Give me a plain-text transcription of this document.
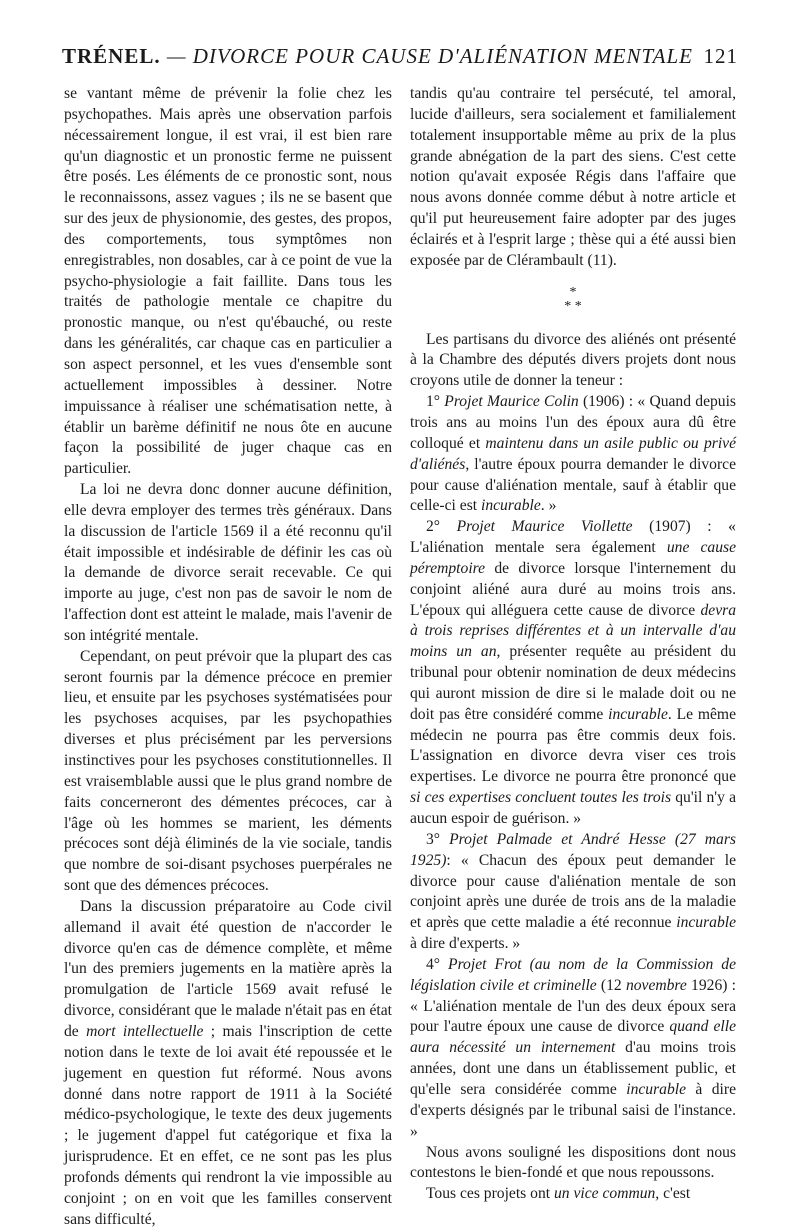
TRÉNEL. — DIVORCE POUR CAUSE D'ALIÉNATION MENTALE 121

se vantant même de prévenir la folie chez les psychopathes. Mais après une observation parfois nécessairement longue, il est vrai, il est bien rare qu'un diagnostic et un pronostic ferme ne puissent être posés. Les éléments de ce pronostic sont, nous le reconnaissons, assez vagues ; ils ne se basent que sur des jeux de physionomie, des gestes, des propos, des comportements, tous symptômes non enregistrables, non dosables, car à ce point de vue la psycho-physiologie a fait faillite. Dans tous les traités de pathologie mentale ce chapitre du pronostic manque, ou n'est qu'ébauché, ou reste dans les généralités, car chaque cas en particulier a son aspect personnel, et les vues d'ensemble sont actuellement impossibles à dessiner. Notre impuissance à réaliser une schématisation nette, à établir un barème définitif ne nous ôte en aucune façon la possibilité de juger chaque cas en particulier.

La loi ne devra donc donner aucune définition, elle devra employer des termes très généraux. Dans la discussion de l'article 1569 il a été reconnu qu'il était impossible et indésirable de définir les cas où la demande de divorce serait recevable. Ce qui importe au juge, c'est non pas de savoir le nom de l'affection dont est atteint le malade, mais l'avenir de son intégrité mentale.

Cependant, on peut prévoir que la plupart des cas seront fournis par la démence précoce en premier lieu, et ensuite par les psychoses systématisées pour les psychoses acquises, par les psychopathies diverses et plus précisément par les perversions instinctives pour les psychoses constitutionnelles. Il est vraisemblable aussi que le plus grand nombre de faits concerneront des démentes précoces, car à l'âge où les hommes se marient, les déments précoces sont déjà éliminés de la vie sociale, tandis que nombre de soi-disant psychoses puerpérales ne sont que des démences précoces.

Dans la discussion préparatoire au Code civil allemand il avait été question de n'accorder le divorce qu'en cas de démence complète, et même l'un des premiers jugements en la matière après la promulgation de l'article 1569 avait refusé le divorce, considérant que le malade n'était pas en état de mort intellectuelle ; mais l'inscription de cette notion dans le texte de loi avait été repoussée et le jugement en question fut réformé. Nous avons donné dans notre rapport de 1911 à la Société médico-psychologique, le texte des deux jugements ; le jugement d'appel fut catégorique et fixa la jurisprudence. Et en effet, ce ne sont pas les plus profonds déments qui rendront la vie impossible au conjoint ; on en voit que les familles conservent sans difficulté,

tandis qu'au contraire tel persécuté, tel amoral, lucide d'ailleurs, sera socialement et familialement totalement insupportable même au prix de la plus grande abnégation de la part des siens. C'est cette notion qu'avait exposée Régis dans l'affaire que nous avons donnée comme début à notre article et qu'il put heureusement faire adopter par des juges éclairés et à l'esprit large ; thèse qui a été aussi bien exposée par de Clérambault (11).

*
* *

Les partisans du divorce des aliénés ont présenté à la Chambre des députés divers projets dont nous croyons utile de donner la teneur :

1° Projet Maurice Colin (1906) : « Quand depuis trois ans au moins l'un des époux aura dû être colloqué et maintenu dans un asile public ou privé d'aliénés, l'autre époux pourra demander le divorce pour cause d'aliénation mentale, sauf à établir que celle-ci est incurable. »

2° Projet Maurice Viollette (1907) : « L'aliénation mentale sera également une cause péremptoire de divorce lorsque l'internement du conjoint aliéné aura duré au moins trois ans. L'époux qui alléguera cette cause de divorce devra à trois reprises différentes et à un intervalle d'au moins un an, présenter requête au président du tribunal pour obtenir nomination de deux médecins qui auront mission de dire si le malade doit ou ne doit pas être considéré comme incurable. Le même médecin ne pourra pas être commis deux fois. L'assignation en divorce devra viser ces trois expertises. Le divorce ne pourra être prononcé que si ces expertises concluent toutes les trois qu'il n'y a aucun espoir de guérison. »

3° Projet Palmade et André Hesse (27 mars 1925): « Chacun des époux peut demander le divorce pour cause d'aliénation mentale de son conjoint après une durée de trois ans de la maladie et après que cette maladie a été reconnue incurable à dire d'experts. »

4° Projet Frot (au nom de la Commission de législation civile et criminelle (12 novembre 1926) : « L'aliénation mentale de l'un des deux époux sera pour l'autre époux une cause de divorce quand elle aura nécessité un internement d'au moins trois années, dont une dans un établissement public, et qu'elle sera considérée comme incurable à dire d'experts désignés par le tribunal saisi de l'instance. »

Nous avons souligné les dispositions dont nous contestons le bien-fondé et que nous repoussons.

Tous ces projets ont un vice commun, c'est
